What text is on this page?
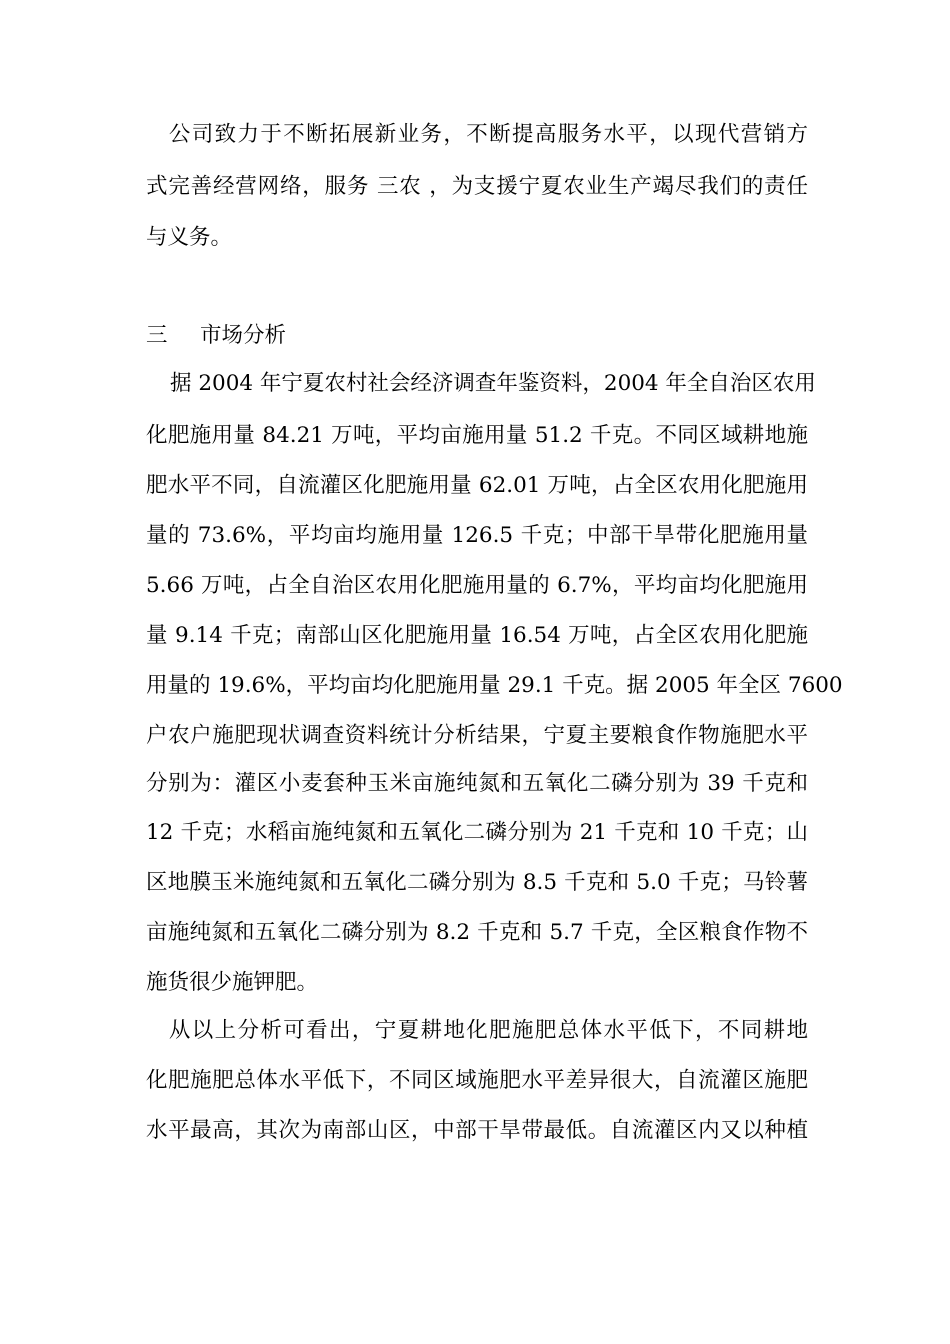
　公司致力于不断拓展新业务，不断提高服务水平，以现代营销方
式完善经营网络，服务 三农 ，为支援宁夏农业生产竭尽我们的责任
与义务。
三 市场分析
据 2004 年宁夏农村社会经济调查年鉴资料，2004 年全自治区农用
化肥施用量 84.21 万吨，平均亩施用量 51.2 千克。不同区域耕地施
肥水平不同，自流灌区化肥施用量 62.01 万吨，占全区农用化肥施用
量的 73.6%，平均亩均施用量 126.5 千克；中部干旱带化肥施用量
5.66 万吨，占全自治区农用化肥施用量的 6.7%，平均亩均化肥施用
量 9.14 千克；南部山区化肥施用量 16.54 万吨，占全区农用化肥施
用量的 19.6%，平均亩均化肥施用量 29.1 千克。据 2005 年全区 7600
户农户施肥现状调查资料统计分析结果，宁夏主要粮食作物施肥水平
分别为：灌区小麦套种玉米亩施纯氮和五氧化二磷分别为 39 千克和
12 千克；水稻亩施纯氮和五氧化二磷分别为 21 千克和 10 千克；山
区地膜玉米施纯氮和五氧化二磷分别为 8.5 千克和 5.0 千克；马铃薯
亩施纯氮和五氧化二磷分别为 8.2 千克和 5.7 千克，全区粮食作物不
施货很少施钾肥。
　从以上分析可看出，宁夏耕地化肥施肥总体水平低下，不同耕地
化肥施肥总体水平低下，不同区域施肥水平差异很大，自流灌区施肥
水平最高，其次为南部山区，中部干旱带最低。自流灌区内又以种植
